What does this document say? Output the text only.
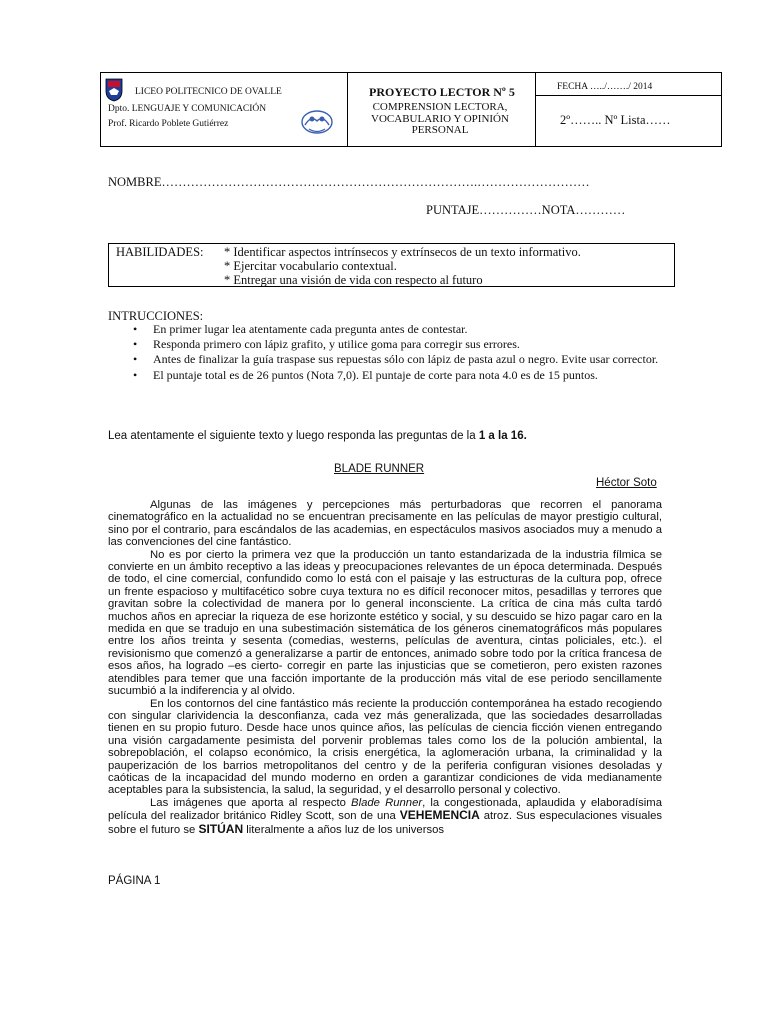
LICEO POLITECNICO DE OVALLE
Dpto. LENGUAJE Y COMUNICACIÓN
Prof. Ricardo Poblete Gutiérrez
PROYECTO LECTOR Nº 5
COMPRENSION LECTORA,
VOCABULARIO Y OPINIÓN
PERSONAL
FECHA …../……./ 2014
2º…….. Nº Lista……
NOMBRE………………………………………………………………….………………………
PUNTAJE……………NOTA…………
HABILIDADES: * Identificar aspectos intrínsecos y extrínsecos de un texto informativo.
* Ejercitar vocabulario contextual.
* Entregar una visión de vida con respecto al futuro
INTRUCCIONES:
• En primer lugar lea atentamente cada pregunta antes de contestar.
• Responda primero con lápiz grafito, y utilice goma para corregir sus errores.
• Antes de finalizar la guía traspase sus repuestas sólo con lápiz de pasta azul o negro. Evite usar corrector.
• El puntaje total es de 26 puntos (Nota 7,0). El puntaje de corte para nota 4.0 es de 15 puntos.
Lea atentamente el siguiente texto y luego responda las preguntas de la 1 a la 16.
BLADE RUNNER
Héctor Soto

Algunas de las imágenes y percepciones más perturbadoras que recorren el panorama cinematográfico en la actualidad no se encuentran precisamente en las películas de mayor prestigio cultural, sino por el contrario, para escándalos de las academias, en espectáculos masivos asociados muy a menudo a las convenciones del cine fantástico.

No es por cierto la primera vez que la producción un tanto estandarizada de la industria fílmica se convierte en un ámbito receptivo a las ideas y preocupaciones relevantes de un época determinada. Después de todo, el cine comercial, confundido como lo está con el paisaje y las estructuras de la cultura pop, ofrece un frente espacioso y multifacético sobre cuya textura no es difícil reconocer mitos, pesadillas y terrores que gravitan sobre la colectividad de manera por lo general inconsciente. La crítica de cina más culta tardó muchos años en apreciar la riqueza de ese horizonte estético y social, y su descuido se hizo pagar caro en la medida en que se tradujo en una subestimación sistemática de los géneros cinematográficos más populares entre los años treinta y sesenta (comedias, westerns, películas de aventura, cintas policiales, etc.). el revisionismo que comenzó a generalizarse a partir de entonces, animado sobre todo por la crítica francesa de esos años, ha logrado –es cierto- corregir en parte las injusticias que se cometieron, pero existen razones atendibles para temer que una facción importante de la producción más vital de ese periodo sencillamente sucumbió a la indiferencia y al olvido.

En los contornos del cine fantástico más reciente la producción contemporánea ha estado recogiendo con singular clarividencia la desconfianza, cada vez más generalizada, que las sociedades desarrolladas tienen en su propio futuro. Desde hace unos quince años, las películas de ciencia ficción vienen entregando una visión cargadamente pesimista del porvenir problemas tales como los de la polución ambiental, la sobrepoblación, el colapso económico, la crisis energética, la aglomeración urbana, la criminalidad y la pauperización de los barrios metropolitanos del centro y de la periferia configuran visiones desoladas y caóticas de la incapacidad del mundo moderno en orden a garantizar condiciones de vida medianamente aceptables para la subsistencia, la salud, la seguridad, y el desarrollo personal y colectivo.

Las imágenes que aporta al respecto Blade Runner, la congestionada, aplaudida y elaboradísima película del realizador británico Ridley Scott, son de una VEHEMENCIA atroz. Sus especulaciones visuales sobre el futuro se SITÚAN literalmente a años luz de los universos

PÁGINA 1
